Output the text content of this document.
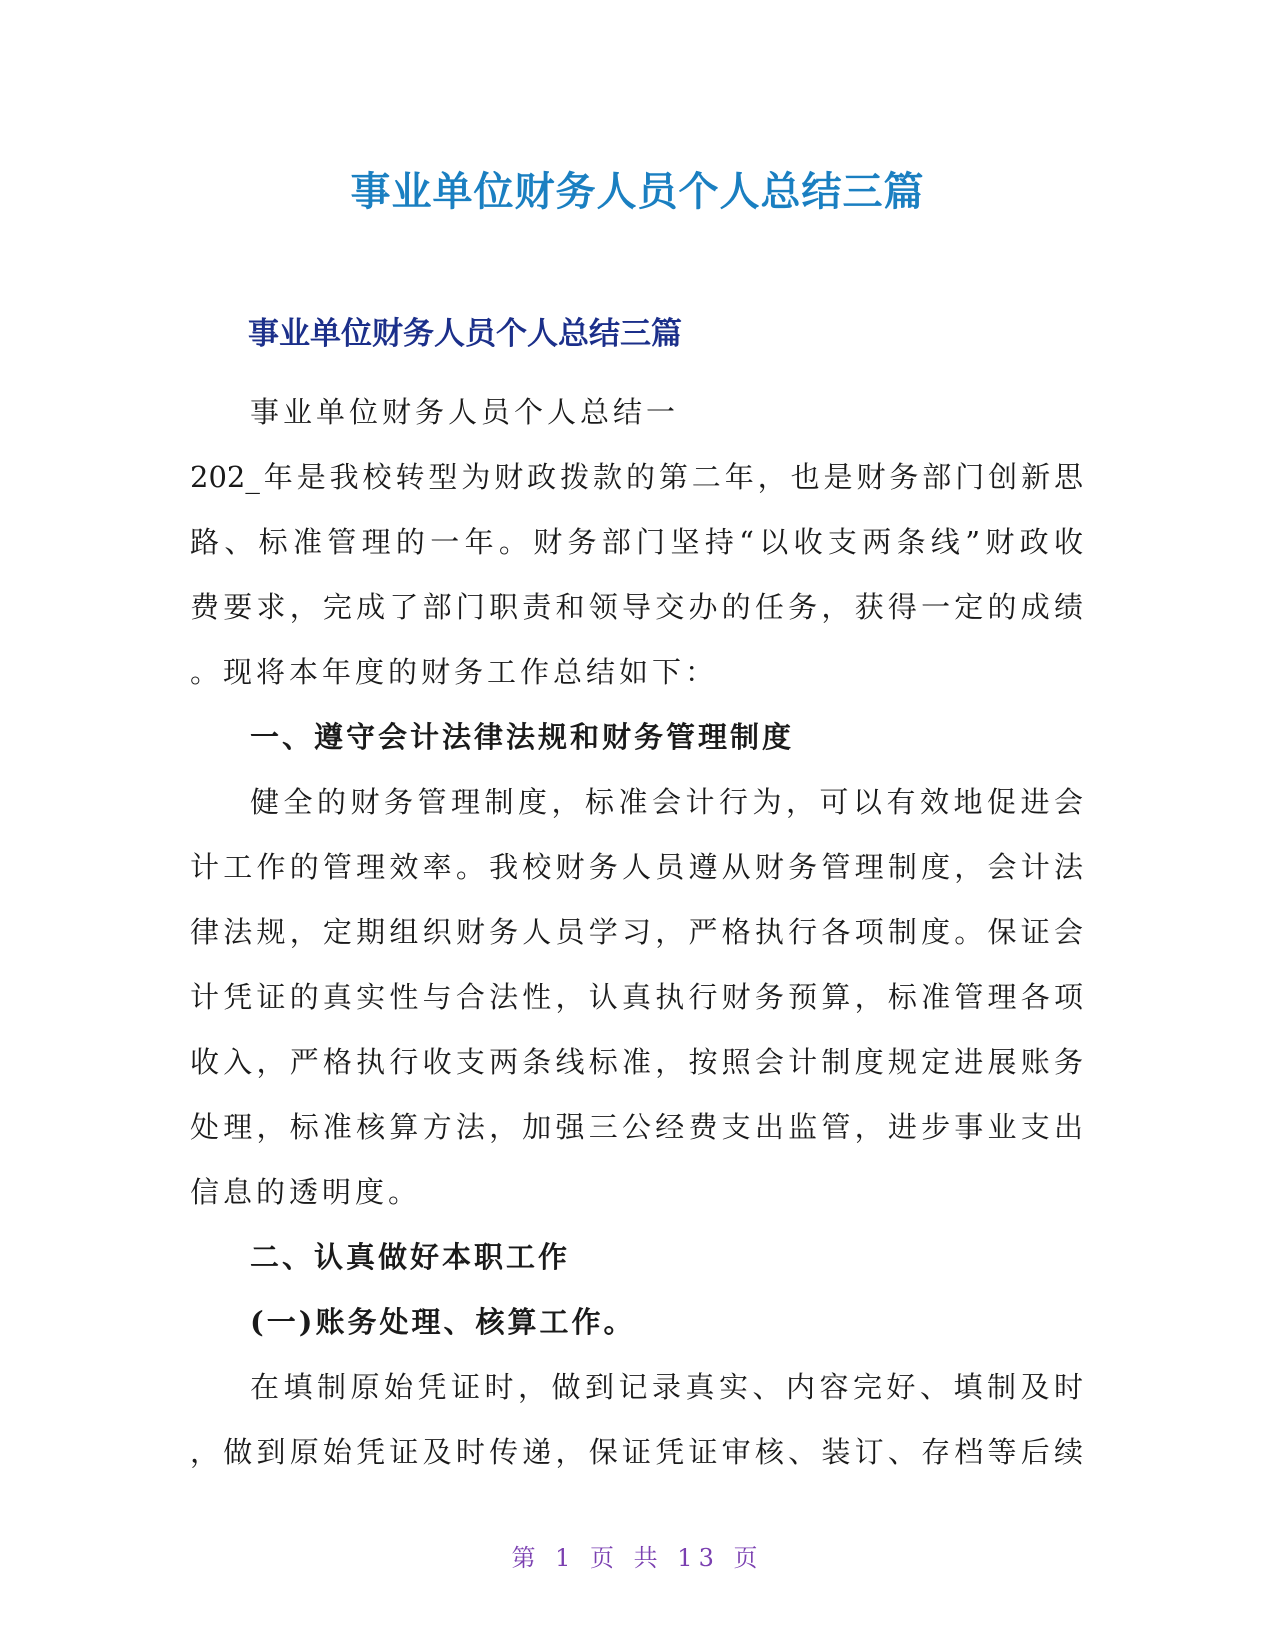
事业单位财务人员个人总结三篇
事业单位财务人员个人总结三篇
事业单位财务人员个人总结一
202_年是我校转型为财政拨款的第二年，也是财务部门创新思
路、标准管理的一年。财务部门坚持“以收支两条线”财政收
费要求，完成了部门职责和领导交办的任务，获得一定的成绩
。现将本年度的财务工作总结如下：
一、遵守会计法律法规和财务管理制度
健全的财务管理制度，标准会计行为，可以有效地促进会
计工作的管理效率。我校财务人员遵从财务管理制度，会计法
律法规，定期组织财务人员学习，严格执行各项制度。保证会
计凭证的真实性与合法性，认真执行财务预算，标准管理各项
收入，严格执行收支两条线标准，按照会计制度规定进展账务
处理，标准核算方法，加强三公经费支出监管，进步事业支出
信息的透明度。
二、认真做好本职工作
(一)账务处理、核算工作。
在填制原始凭证时，做到记录真实、内容完好、填制及时
，做到原始凭证及时传递，保证凭证审核、装订、存档等后续
第 1 页 共 13 页
